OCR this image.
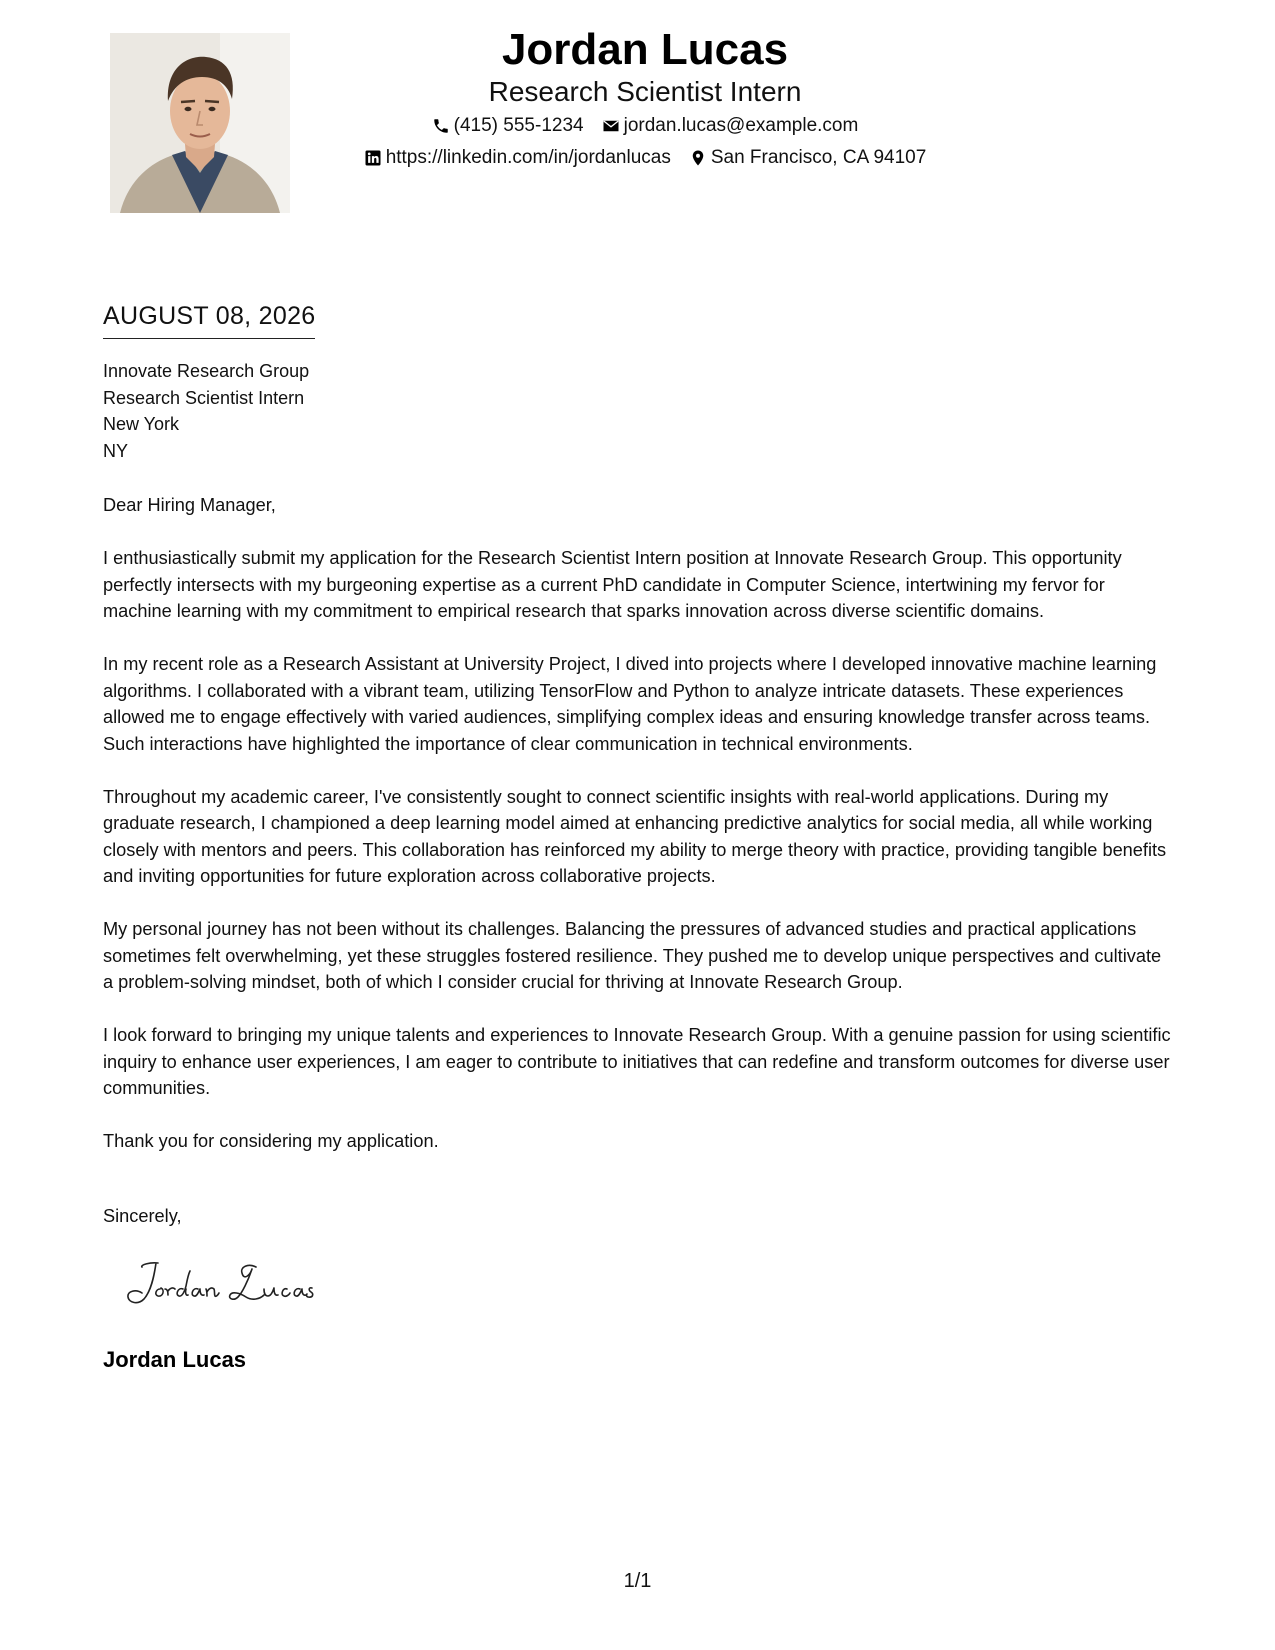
Jordan Lucas
Research Scientist Intern
(415) 555-1234 jordan.lucas@example.com
https://linkedin.com/in/jordanlucas San Francisco, CA 94107
AUGUST 08, 2026
Innovate Research Group
Research Scientist Intern
New York
NY

Dear Hiring Manager,

I enthusiastically submit my application for the Research Scientist Intern position at Innovate Research Group. This opportunity perfectly intersects with my burgeoning expertise as a current PhD candidate in Computer Science, intertwining my fervor for machine learning with my commitment to empirical research that sparks innovation across diverse scientific domains.

In my recent role as a Research Assistant at University Project, I dived into projects where I developed innovative machine learning algorithms. I collaborated with a vibrant team, utilizing TensorFlow and Python to analyze intricate datasets. These experiences allowed me to engage effectively with varied audiences, simplifying complex ideas and ensuring knowledge transfer across teams. Such interactions have highlighted the importance of clear communication in technical environments.

Throughout my academic career, I've consistently sought to connect scientific insights with real-world applications. During my graduate research, I championed a deep learning model aimed at enhancing predictive analytics for social media, all while working closely with mentors and peers. This collaboration has reinforced my ability to merge theory with practice, providing tangible benefits and inviting opportunities for future exploration across collaborative projects.

My personal journey has not been without its challenges. Balancing the pressures of advanced studies and practical applications sometimes felt overwhelming, yet these struggles fostered resilience. They pushed me to develop unique perspectives and cultivate a problem-solving mindset, both of which I consider crucial for thriving at Innovate Research Group.

I look forward to bringing my unique talents and experiences to Innovate Research Group. With a genuine passion for using scientific inquiry to enhance user experiences, I am eager to contribute to initiatives that can redefine and transform outcomes for diverse user communities.

Thank you for considering my application.

Sincerely,
Jordan Lucas
1/1
